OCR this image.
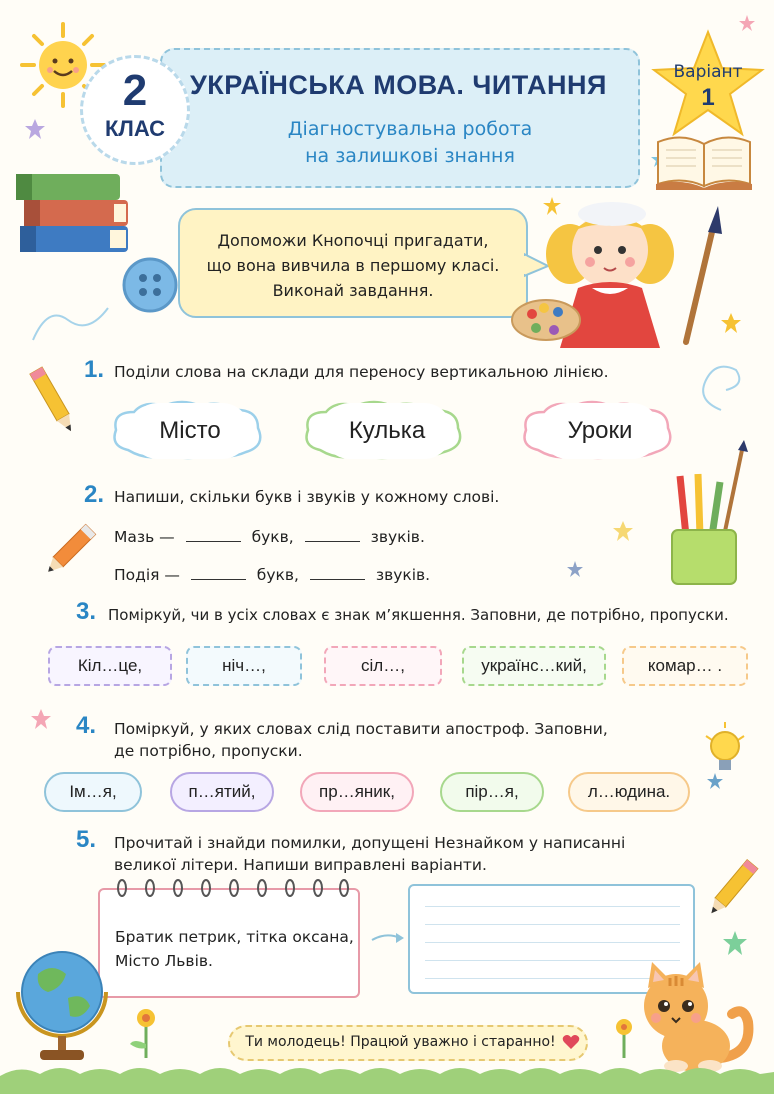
2
КЛАС
УКРАЇНСЬКА МОВА. ЧИТАННЯ
Діагностувальна робота
на залишкові знання
Варіант
1
Допоможи Кнопочці пригадати,
що вона вивчила в першому класі.
Виконай завдання.
1. Поділи слова на склади для переносу вертикальною лінією.
Місто	Кулька	Уроки
2. Напиши, скільки букв і звуків у кожному слові.
Мазь —	букв,	звуків.
Подія —	букв,	звуків.
3. Поміркуй, чи в усіх словах є знак м’якшення. Заповни, де потрібно, пропуски.
Кіл…це,	ніч…,	сіл…,	українс…кий,	комар… .
4. Поміркуй, у яких словах слід поставити апостроф. Заповни,
де потрібно, пропуски.
Ім…я,	п…ятий,	пр…яник,	пір…я,	л…юдина.
5. Прочитай і знайди помилки, допущені Незнайком у написанні
великої літери. Напиши виправлені варіанти.
Братик петрик, тітка оксана,
Місто Львів.
Ти молодець! Працюй уважно і старанно!
